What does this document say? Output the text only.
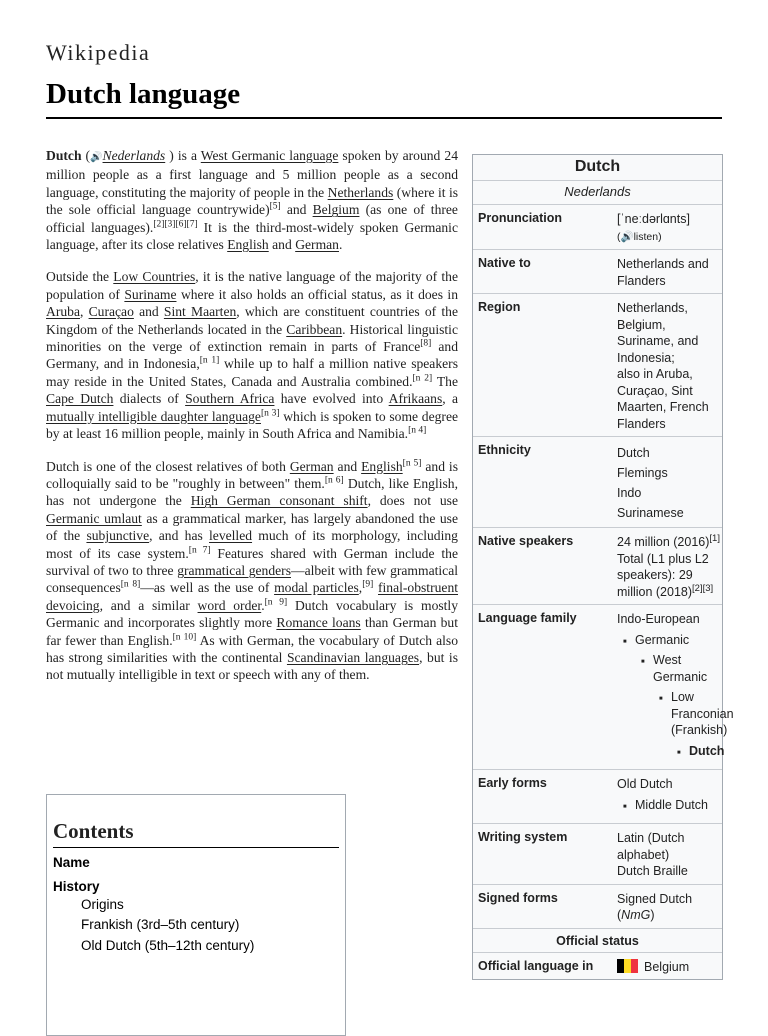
Wikipedia
Dutch language

Dutch (🔊Nederlands ) is a West Germanic language spoken by around 24 million people as a first language and 5 million people as a second language, constituting the majority of people in the Netherlands (where it is the sole official language countrywide)[5] and Belgium (as one of three official languages).[2][3][6][7] It is the third-most-widely spoken Germanic language, after its close relatives English and German.

Outside the Low Countries, it is the native language of the majority of the population of Suriname where it also holds an official status, as it does in Aruba, Curaçao and Sint Maarten, which are constituent countries of the Kingdom of the Netherlands located in the Caribbean. Historical linguistic minorities on the verge of extinction remain in parts of France[8] and Germany, and in Indonesia,[n 1] while up to half a million native speakers may reside in the United States, Canada and Australia combined.[n 2] The Cape Dutch dialects of Southern Africa have evolved into Afrikaans, a mutually intelligible daughter language[n 3] which is spoken to some degree by at least 16 million people, mainly in South Africa and Namibia.[n 4]

Dutch is one of the closest relatives of both German and English[n 5] and is colloquially said to be "roughly in between" them.[n 6] Dutch, like English, has not undergone the High German consonant shift, does not use Germanic umlaut as a grammatical marker, has largely abandoned the use of the subjunctive, and has levelled much of its morphology, including most of its case system.[n 7] Features shared with German include the survival of two to three grammatical genders—albeit with few grammatical consequences[n 8]—as well as the use of modal particles,[9] final-obstruent devoicing, and a similar word order.[n 9] Dutch vocabulary is mostly Germanic and incorporates slightly more Romance loans than German but far fewer than English.[n 10] As with German, the vocabulary of Dutch also has strong similarities with the continental Scandinavian languages, but is not mutually intelligible in text or speech with any of them.

Contents
Name
History
Origins
Frankish (3rd–5th century)
Old Dutch (5th–12th century)
Dutch
Nederlands
Pronunciation	[ˈneːdərlɑnts]
(🔊listen)
Native to	Netherlands and Flanders
Region	Netherlands, Belgium, Suriname, and Indonesia;
also in Aruba, Curaçao, Sint Maarten, French Flanders
Ethnicity	Dutch
Flemings
Indo
Surinamese
Native speakers	24 million (2016)[1]
Total (L1 plus L2 speakers): 29 million (2018)[2][3]
Language family	Indo-European
■ Germanic
■ West Germanic
■ Low Franconian (Frankish)
■ Dutch
Early forms	Old Dutch
■ Middle Dutch
Writing system	Latin (Dutch alphabet)
Dutch Braille
Signed forms	Signed Dutch (NmG)
Official status
Official language in	Belgium
